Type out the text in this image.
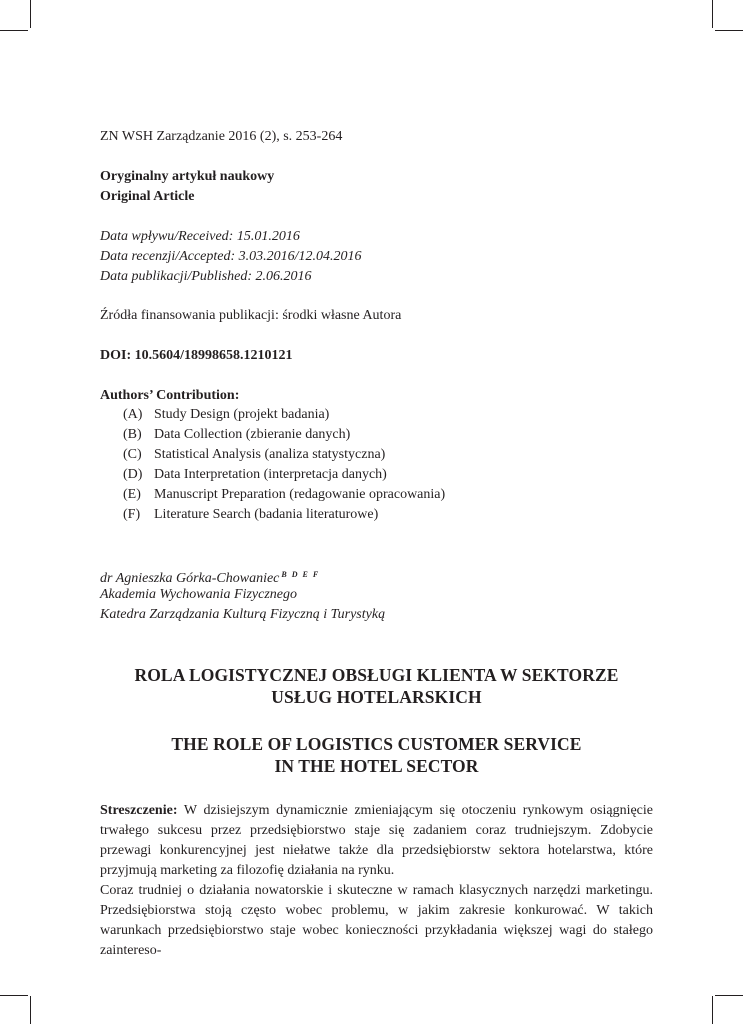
ZN WSH Zarządzanie 2016 (2), s. 253-264
Oryginalny artykuł naukowy
Original Article
Data wpływu/Received: 15.01.2016
Data recenzji/Accepted: 3.03.2016/12.04.2016
Data publikacji/Published: 2.06.2016
Źródła finansowania publikacji: środki własne Autora
DOI: 10.5604/18998658.1210121
Authors’ Contribution:
(A) Study Design (projekt badania)
(B) Data Collection (zbieranie danych)
(C) Statistical Analysis (analiza statystyczna)
(D) Data Interpretation (interpretacja danych)
(E) Manuscript Preparation (redagowanie opracowania)
(F) Literature Search (badania literaturowe)
dr Agnieszka Górka-Chowaniec $^{B D E F}$
Akademia Wychowania Fizycznego
Katedra Zarządzania Kulturą Fizyczną i Turystyką
ROLA LOGISTYCZNEJ OBSŁUGI KLIENTA W SEKTORZE
USŁUG HOTELARSKICH
THE ROLE OF LOGISTICS CUSTOMER SERVICE
IN THE HOTEL SECTOR

Streszczenie: W dzisiejszym dynamicznie zmieniającym się otoczeniu rynkowym osiągnięcie trwałego sukcesu przez przedsiębiorstwo staje się zadaniem coraz trudniejszym. Zdobycie przewagi konkurencyjnej jest niełatwe także dla przedsiębiorstw sektora hotelarstwa, które przyjmują marketing za filozofię działania na rynku.

Coraz trudniej o działania nowatorskie i skuteczne w ramach klasycznych narzędzi marketingu. Przedsiębiorstwa stoją często wobec problemu, w jakim zakresie konkurować. W takich warunkach przedsiębiorstwo staje wobec konieczności przykładania większej wagi do stałego zaintereso-
